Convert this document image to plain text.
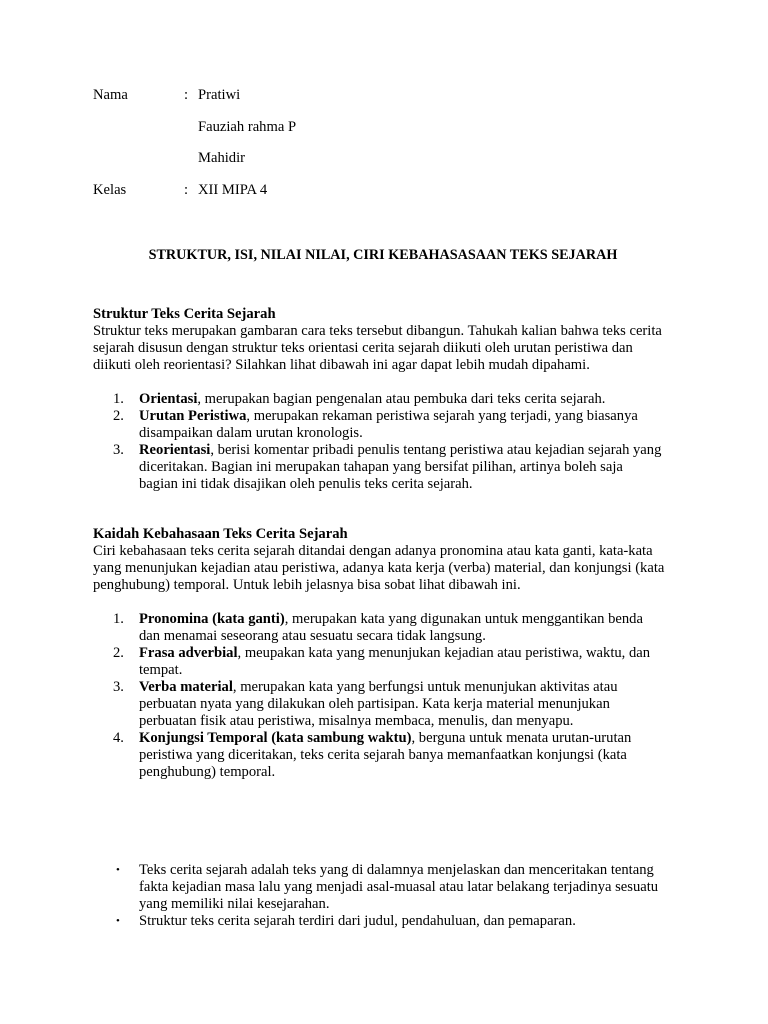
Nama	: Pratiwi
Fauziah rahma P
Mahidir
Kelas	: XII MIPA 4
STRUKTUR, ISI, NILAI NILAI, CIRI KEBAHASASAAN TEKS SEJARAH
Struktur Teks Cerita Sejarah
Struktur teks merupakan gambaran cara teks tersebut dibangun. Tahukah kalian bahwa teks cerita sejarah disusun dengan struktur teks orientasi cerita sejarah diikuti oleh urutan peristiwa dan diikuti oleh reorientasi? Silahkan lihat dibawah ini agar dapat lebih mudah dipahami.
1. Orientasi, merupakan bagian pengenalan atau pembuka dari teks cerita sejarah.
2. Urutan Peristiwa, merupakan rekaman peristiwa sejarah yang terjadi, yang biasanya disampaikan dalam urutan kronologis.
3. Reorientasi, berisi komentar pribadi penulis tentang peristiwa atau kejadian sejarah yang diceritakan. Bagian ini merupakan tahapan yang bersifat pilihan, artinya boleh saja bagian ini tidak disajikan oleh penulis teks cerita sejarah.
Kaidah Kebahasaan Teks Cerita Sejarah
Ciri kebahasaan teks cerita sejarah ditandai dengan adanya pronomina atau kata ganti, kata-kata yang menunjukan kejadian atau peristiwa, adanya kata kerja (verba) material, dan konjungsi (kata penghubung) temporal. Untuk lebih jelasnya bisa sobat lihat dibawah ini.
1. Pronomina (kata ganti), merupakan kata yang digunakan untuk menggantikan benda dan menamai seseorang atau sesuatu secara tidak langsung.
2. Frasa adverbial, meupakan kata yang menunjukan kejadian atau peristiwa, waktu, dan tempat.
3. Verba material, merupakan kata yang berfungsi untuk menunjukan aktivitas atau perbuatan nyata yang dilakukan oleh partisipan. Kata kerja material menunjukan perbuatan fisik atau peristiwa, misalnya membaca, menulis, dan menyapu.
4. Konjungsi Temporal (kata sambung waktu), berguna untuk menata urutan-urutan peristiwa yang diceritakan, teks cerita sejarah banya memanfaatkan konjungsi (kata penghubung) temporal.
• Teks cerita sejarah adalah teks yang di dalamnya menjelaskan dan menceritakan tentang fakta kejadian masa lalu yang menjadi asal-muasal atau latar belakang terjadinya sesuatu yang memiliki nilai kesejarahan.
• Struktur teks cerita sejarah terdiri dari judul, pendahuluan, dan pemaparan.
